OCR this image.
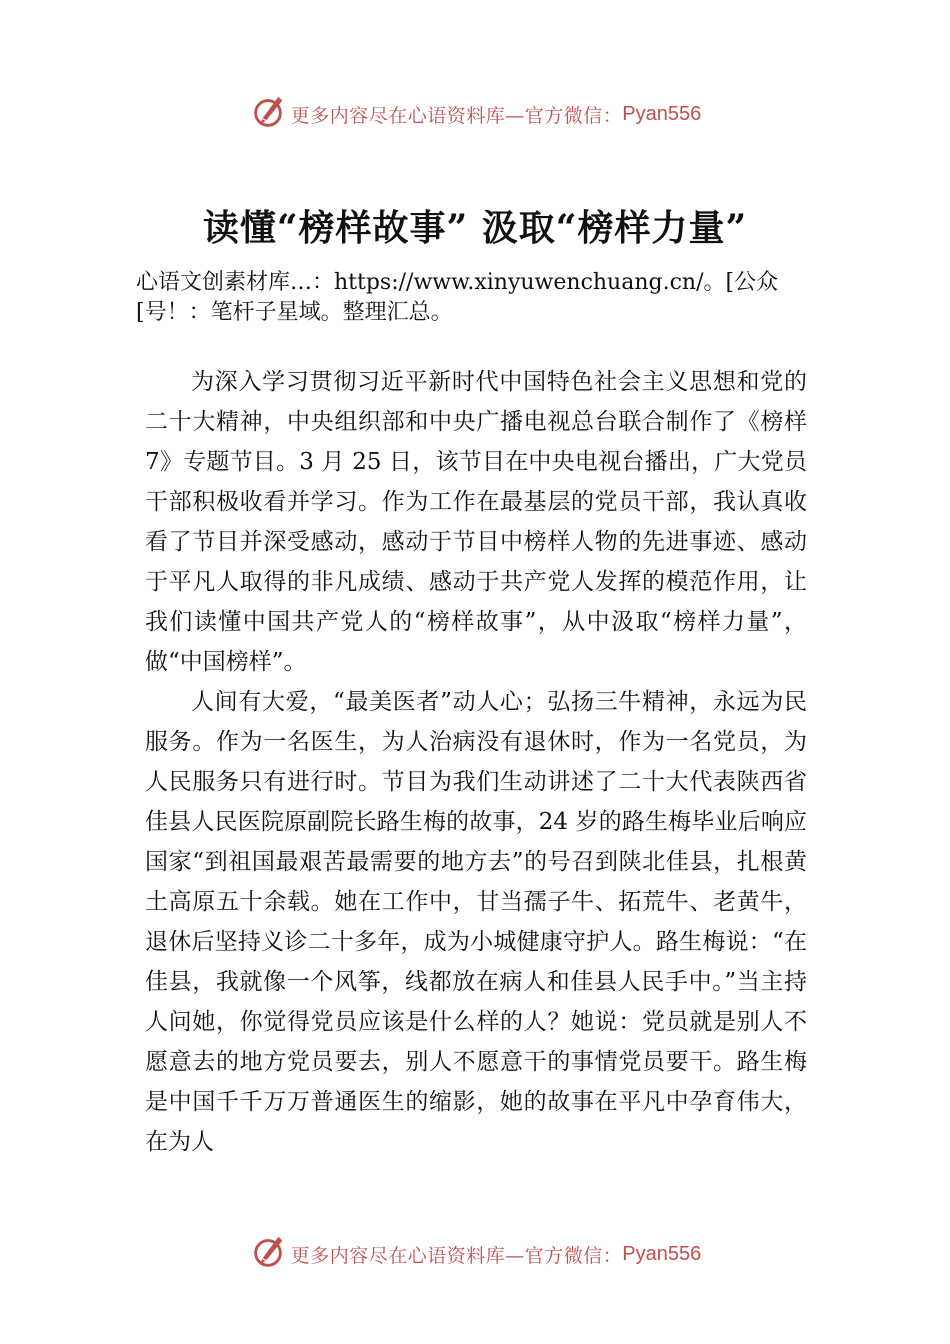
更多内容尽在心语资料库—官方微信： Pyan556
读懂“榜样故事” 汲取“榜样力量”
心语文创素材库…：https://www.xinyuwenchuang.cn/。[公众[号！：笔杆子星域。整理汇总。

为深入学习贯彻习近平新时代中国特色社会主义思想和党的二十大精神，中央组织部和中央广播电视总台联合制作了《榜样 7》专题节目。3 月 25 日，该节目在中央电视台播出，广大党员干部积极收看并学习。作为工作在最基层的党员干部，我认真收看了节目并深受感动，感动于节目中榜样人物的先进事迹、感动于平凡人取得的非凡成绩、感动于共产党人发挥的模范作用，让我们读懂中国共产党人的“榜样故事”，从中汲取“榜样力量”，做“中国榜样”。

人间有大爱，“最美医者”动人心；弘扬三牛精神，永远为民服务。作为一名医生，为人治病没有退休时，作为一名党员，为人民服务只有进行时。节目为我们生动讲述了二十大代表陕西省佳县人民医院原副院长路生梅的故事，24 岁的路生梅毕业后响应国家“到祖国最艰苦最需要的地方去”的号召到陕北佳县，扎根黄土高原五十余载。她在工作中，甘当孺子牛、拓荒牛、老黄牛，退休后坚持义诊二十多年，成为小城健康守护人。路生梅说：“在佳县，我就像一个风筝，线都放在病人和佳县人民手中。”当主持人问她，你觉得党员应该是什么样的人？她说：党员就是别人不愿意去的地方党员要去，别人不愿意干的事情党员要干。路生梅是中国千千万万普通医生的缩影，她的故事在平凡中孕育伟大，在为人

更多内容尽在心语资料库—官方微信： Pyan556
